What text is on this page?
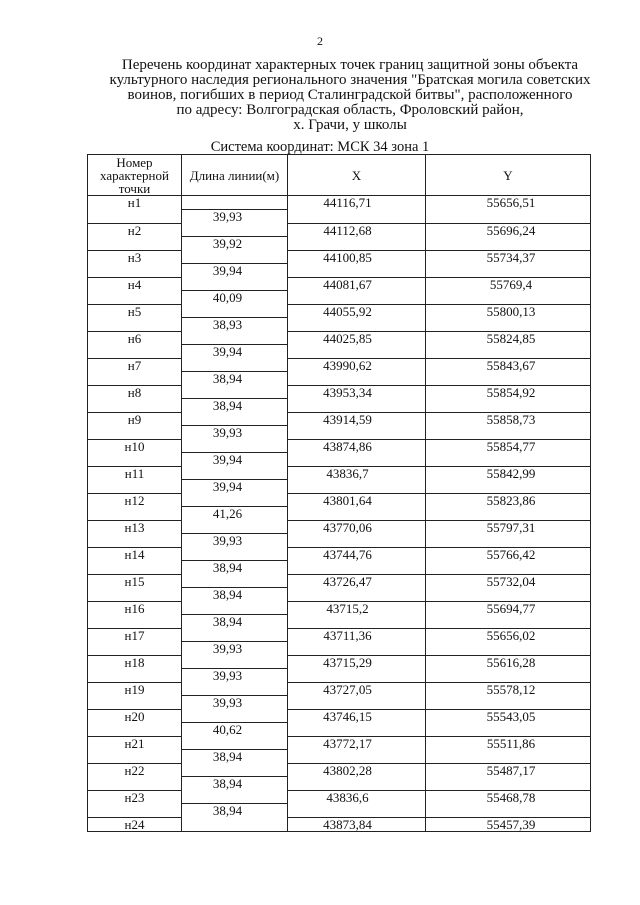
2
Перечень координат характерных точек границ защитной зоны объекта
культурного наследия регионального значения "Братская могила советских
воинов, погибших в период Сталинградской битвы", расположенного
по адресу: Волгоградская область, Фроловский район,
х. Грачи, у школы
Система координат: МСК 34 зона 1
Номер характерной точки	Длина линии(м)	X	Y
н1		44116,71	55656,51
	39,93		
н2		44112,68	55696,24
	39,92		
н3		44100,85	55734,37
	39,94		
н4		44081,67	55769,4
	40,09		
н5		44055,92	55800,13
	38,93		
н6		44025,85	55824,85
	39,94		
н7		43990,62	55843,67
	38,94		
н8		43953,34	55854,92
	38,94		
н9		43914,59	55858,73
	39,93		
н10		43874,86	55854,77
	39,94		
н11		43836,7	55842,99
	39,94		
н12		43801,64	55823,86
	41,26		
н13		43770,06	55797,31
	39,93		
н14		43744,76	55766,42
	38,94		
н15		43726,47	55732,04
	38,94		
н16		43715,2	55694,77
	38,94		
н17		43711,36	55656,02
	39,93		
н18		43715,29	55616,28
	39,93		
н19		43727,05	55578,12
	39,93		
н20		43746,15	55543,05
	40,62		
н21		43772,17	55511,86
	38,94		
н22		43802,28	55487,17
	38,94		
н23		43836,6	55468,78
	38,94		
н24		43873,84	55457,39
